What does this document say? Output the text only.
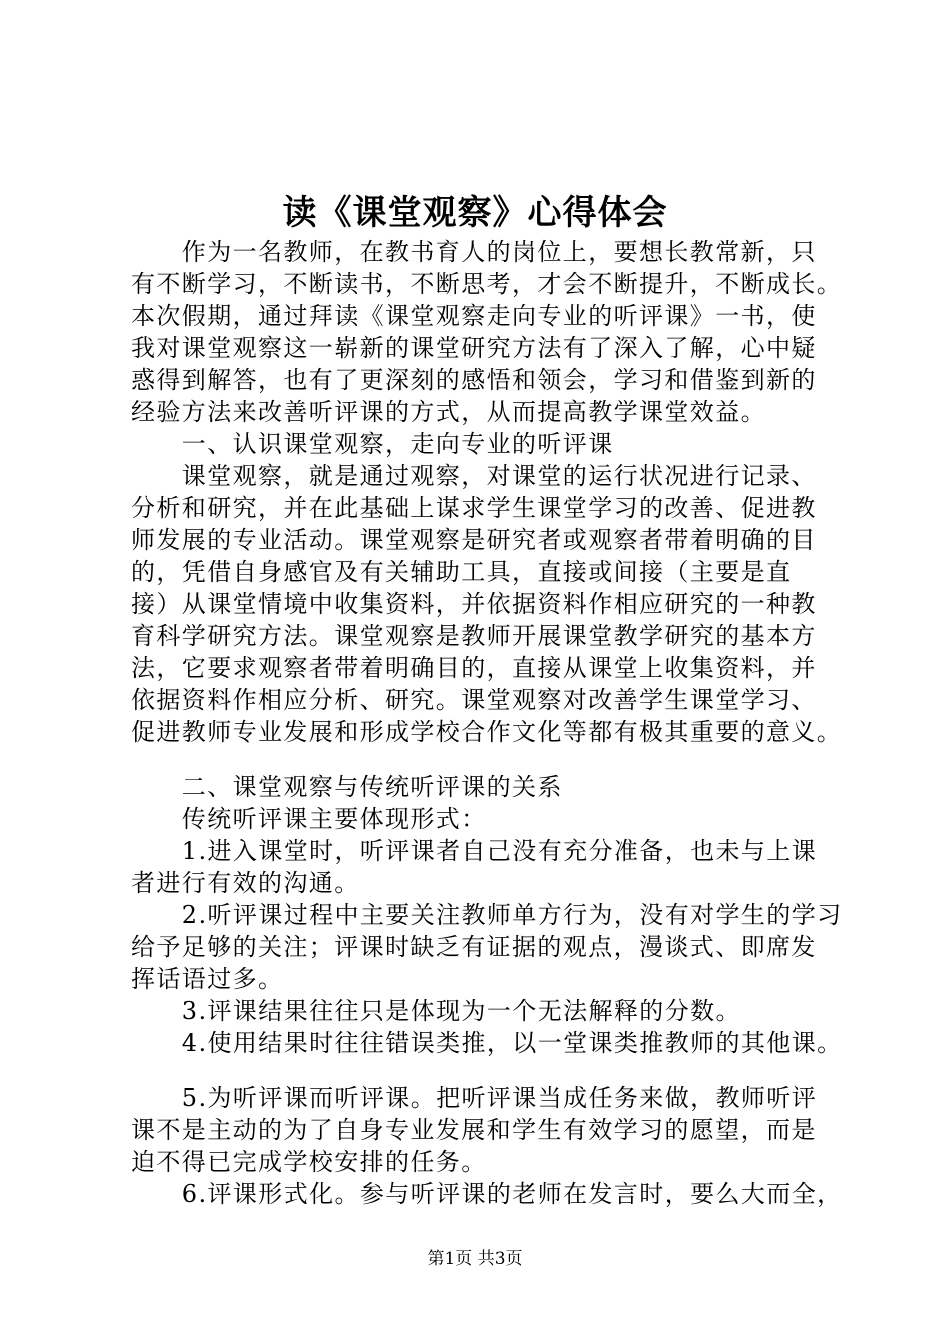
读《课堂观察》心得体会
　　作为一名教师，在教书育人的岗位上，要想长教常新，只
有不断学习，不断读书，不断思考，才会不断提升，不断成长。
本次假期，通过拜读《课堂观察走向专业的听评课》一书，使
我对课堂观察这一崭新的课堂研究方法有了深入了解，心中疑
惑得到解答，也有了更深刻的感悟和领会，学习和借鉴到新的
经验方法来改善听评课的方式，从而提高教学课堂效益。
　　一、认识课堂观察，走向专业的听评课
　　课堂观察，就是通过观察，对课堂的运行状况进行记录、
分析和研究，并在此基础上谋求学生课堂学习的改善、促进教
师发展的专业活动。课堂观察是研究者或观察者带着明确的目
的，凭借自身感官及有关辅助工具，直接或间接（主要是直
接）从课堂情境中收集资料，并依据资料作相应研究的一种教
育科学研究方法。课堂观察是教师开展课堂教学研究的基本方
法，它要求观察者带着明确目的，直接从课堂上收集资料，并
依据资料作相应分析、研究。课堂观察对改善学生课堂学习、
促进教师专业发展和形成学校合作文化等都有极其重要的意义。
　　二、课堂观察与传统听评课的关系
　　传统听评课主要体现形式：
　　1.进入课堂时，听评课者自己没有充分准备，也未与上课
者进行有效的沟通。
　　2.听评课过程中主要关注教师单方行为，没有对学生的学习
给予足够的关注；评课时缺乏有证据的观点，漫谈式、即席发
挥话语过多。
　　3.评课结果往往只是体现为一个无法解释的分数。
　　4.使用结果时往往错误类推，以一堂课类推教师的其他课。
　　5.为听评课而听评课。把听评课当成任务来做，教师听评
课不是主动的为了自身专业发展和学生有效学习的愿望，而是
迫不得已完成学校安排的任务。
　　6.评课形式化。参与听评课的老师在发言时，要么大而全，
第1页 共3页
